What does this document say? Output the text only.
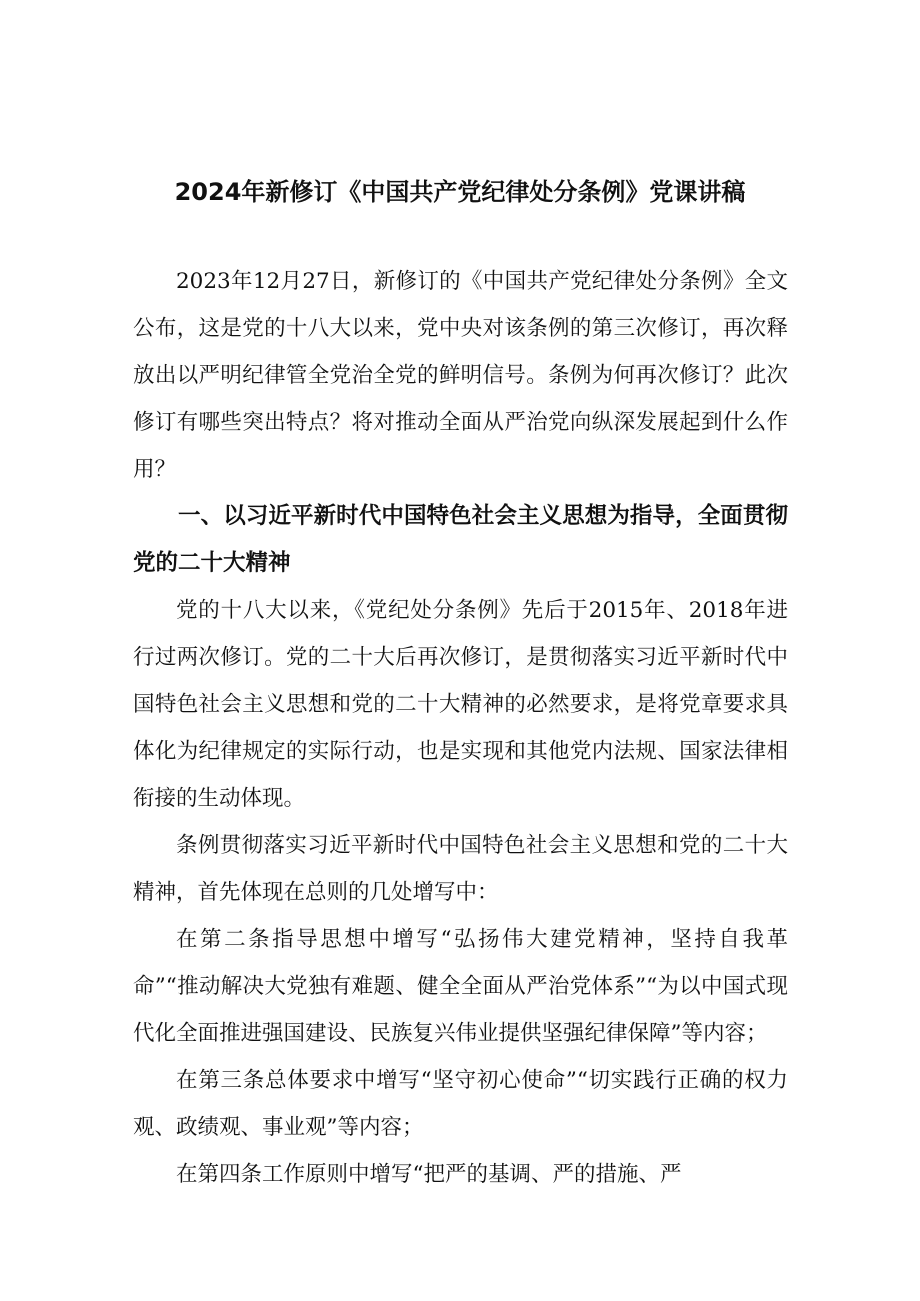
2024年新修订《中国共产党纪律处分条例》党课讲稿

2023年12月27日，新修订的《中国共产党纪律处分条例》全文公布，这是党的十八大以来，党中央对该条例的第三次修订，再次释放出以严明纪律管全党治全党的鲜明信号。条例为何再次修订？此次修订有哪些突出特点？将对推动全面从严治党向纵深发展起到什么作用？

一、以习近平新时代中国特色社会主义思想为指导，全面贯彻党的二十大精神

党的十八大以来，《党纪处分条例》先后于2015年、2018年进行过两次修订。党的二十大后再次修订，是贯彻落实习近平新时代中国特色社会主义思想和党的二十大精神的必然要求，是将党章要求具体化为纪律规定的实际行动，也是实现和其他党内法规、国家法律相衔接的生动体现。

条例贯彻落实习近平新时代中国特色社会主义思想和党的二十大精神，首先体现在总则的几处增写中：

在第二条指导思想中增写“弘扬伟大建党精神，坚持自我革命”“推动解决大党独有难题、健全全面从严治党体系”“为以中国式现代化全面推进强国建设、民族复兴伟业提供坚强纪律保障”等内容；

在第三条总体要求中增写“坚守初心使命”“切实践行正确的权力观、政绩观、事业观”等内容；

在第四条工作原则中增写“把严的基调、严的措施、严
